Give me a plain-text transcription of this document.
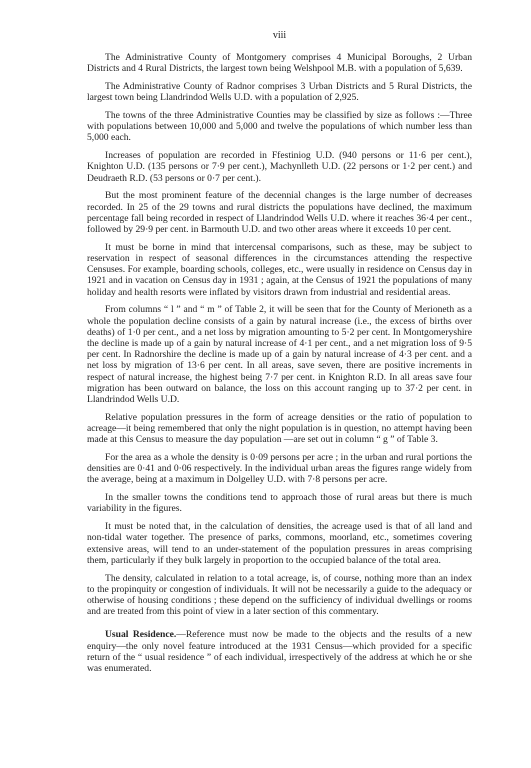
viii

The Administrative County of Montgomery comprises 4 Municipal Boroughs, 2 Urban Districts and 4 Rural Districts, the largest town being Welshpool M.B. with a population of 5,639.

The Administrative County of Radnor comprises 3 Urban Districts and 5 Rural Districts, the largest town being Llandrindod Wells U.D. with a population of 2,925.

The towns of the three Administrative Counties may be classified by size as follows :—Three with populations between 10,000 and 5,000 and twelve the populations of which number less than 5,000 each.

Increases of population are recorded in Ffestiniog U.D. (940 persons or 11·6 per cent.), Knighton U.D. (135 persons or 7·9 per cent.), Machynlleth U.D. (22 persons or 1·2 per cent.) and Deudraeth R.D. (53 persons or 0·7 per cent.).

But the most prominent feature of the decennial changes is the large number of decreases recorded. In 25 of the 29 towns and rural districts the populations have declined, the maximum percentage fall being recorded in respect of Llandrindod Wells U.D. where it reaches 36·4 per cent., followed by 29·9 per cent. in Barmouth U.D. and two other areas where it exceeds 10 per cent.

It must be borne in mind that intercensal comparisons, such as these, may be subject to reservation in respect of seasonal differences in the circumstances attending the respective Censuses. For example, boarding schools, colleges, etc., were usually in residence on Census day in 1921 and in vacation on Census day in 1931 ; again, at the Census of 1921 the populations of many holiday and health resorts were inflated by visitors drawn from industrial and residential areas.

From columns “ l ” and “ m ” of Table 2, it will be seen that for the County of Merioneth as a whole the population decline consists of a gain by natural increase (i.e., the excess of births over deaths) of 1·0 per cent., and a net loss by migration amounting to 5·2 per cent. In Montgomeryshire the decline is made up of a gain by natural increase of 4·1 per cent., and a net migration loss of 9·5 per cent. In Radnorshire the decline is made up of a gain by natural increase of 4·3 per cent. and a net loss by migration of 13·6 per cent. In all areas, save seven, there are positive increments in respect of natural increase, the highest being 7·7 per cent. in Knighton R.D. In all areas save four migration has been outward on balance, the loss on this account ranging up to 37·2 per cent. in Llandrindod Wells U.D.

Relative population pressures in the form of acreage densities or the ratio of population to acreage—it being remembered that only the night population is in question, no attempt having been made at this Census to measure the day population —are set out in column “ g ” of Table 3.

For the area as a whole the density is 0·09 persons per acre ; in the urban and rural portions the densities are 0·41 and 0·06 respectively. In the individual urban areas the figures range widely from the average, being at a maximum in Dolgelley U.D. with 7·8 persons per acre.

In the smaller towns the conditions tend to approach those of rural areas but there is much variability in the figures.

It must be noted that, in the calculation of densities, the acreage used is that of all land and non-tidal water together. The presence of parks, commons, moorland, etc., sometimes covering extensive areas, will tend to an under-statement of the population pressures in areas comprising them, particularly if they bulk largely in proportion to the occupied balance of the total area.

The density, calculated in relation to a total acreage, is, of course, nothing more than an index to the propinquity or congestion of individuals. It will not be necessarily a guide to the adequacy or otherwise of housing conditions ; these depend on the sufficiency of individual dwellings or rooms and are treated from this point of view in a later section of this commentary.

Usual Residence.—Reference must now be made to the objects and the results of a new enquiry—the only novel feature introduced at the 1931 Census—which provided for a specific return of the “ usual residence ” of each individual, irrespectively of the address at which he or she was enumerated.
